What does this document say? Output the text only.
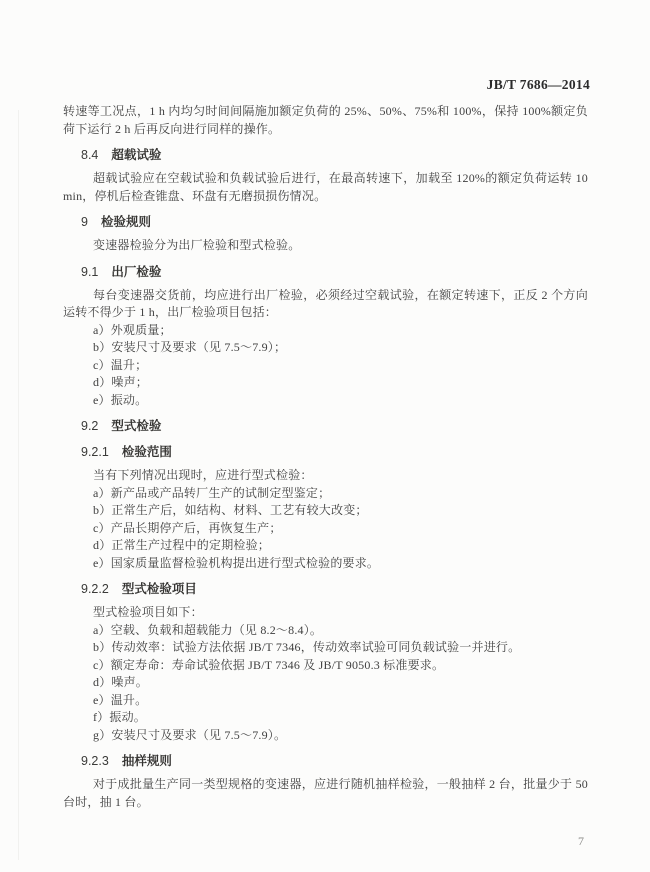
JB/T 7686—2014

转速等工况点，1 h 内均匀时间间隔施加额定负荷的 25%、50%、75%和 100%，保持 100%额定负荷下运行 2 h 后再反向进行同样的操作。

8.4 超载试验

超载试验应在空载试验和负载试验后进行，在最高转速下，加载至 120%的额定负荷运转 10 min，停机后检查锥盘、环盘有无磨损损伤情况。

9 检验规则

变速器检验分为出厂检验和型式检验。

9.1 出厂检验

每台变速器交货前，均应进行出厂检验，必须经过空载试验，在额定转速下，正反 2 个方向运转不得少于 1 h，出厂检验项目包括：

a）外观质量；
b）安装尺寸及要求（见 7.5～7.9）；
c）温升；
d）噪声；
e）振动。
9.2 型式检验
9.2.1 检验范围

当有下列情况出现时，应进行型式检验：

a）新产品或产品转厂生产的试制定型鉴定；
b）正常生产后，如结构、材料、工艺有较大改变；
c）产品长期停产后，再恢复生产；
d）正常生产过程中的定期检验；
e）国家质量监督检验机构提出进行型式检验的要求。
9.2.2 型式检验项目

型式检验项目如下：

a）空载、负载和超载能力（见 8.2～8.4）。
b）传动效率：试验方法依据 JB/T 7346，传动效率试验可同负载试验一并进行。
c）额定寿命：寿命试验依据 JB/T 7346 及 JB/T 9050.3 标准要求。
d）噪声。
e）温升。
f）振动。
g）安装尺寸及要求（见 7.5～7.9）。
9.2.3 抽样规则

对于成批量生产同一类型规格的变速器，应进行随机抽样检验，一般抽样 2 台，批量少于 50 台时，抽 1 台。

7
